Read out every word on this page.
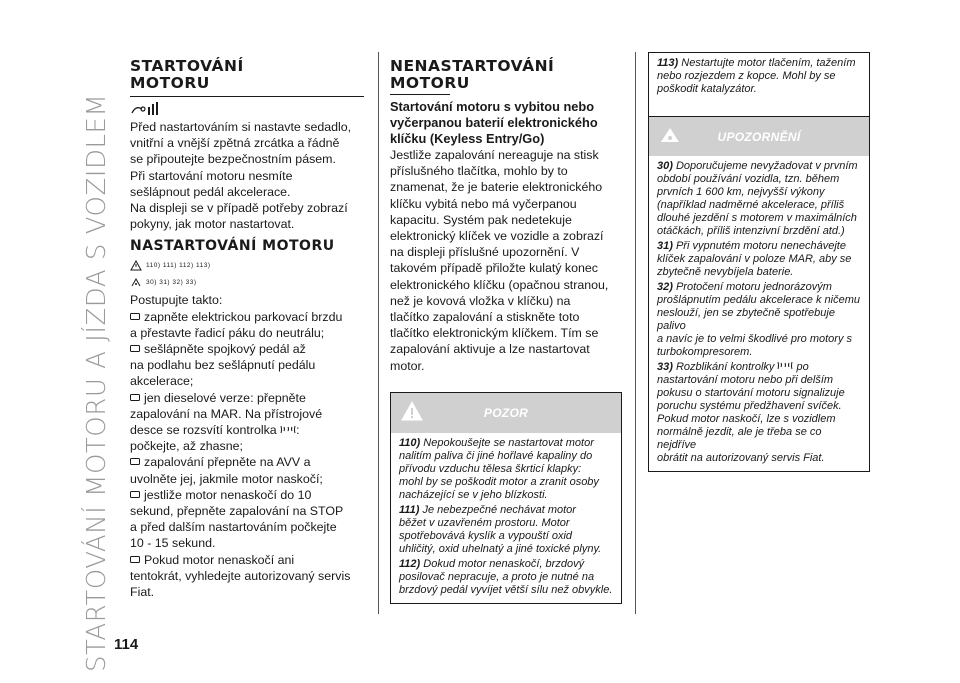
STARTOVÁNÍ MOTORU A JÍZDA S VOZIDLEM 114
STARTOVÁNÍ MOTORU
Před nastartováním si nastavte sedadlo,
vnitřní a vnější zpětná zrcátka a řádně
se připoutejte bezpečnostním pásem.
Při startování motoru nesmíte
sešlápnout pedál akcelerace.
Na displeji se v případě potřeby zobrazí
pokyny, jak motor nastartovat.
NASTARTOVÁNÍ MOTORU
110) 111) 112) 113)
30) 31) 32) 33)
Postupujte takto:
zapněte elektrickou parkovací brzdu
a přestavte řadicí páku do neutrálu;
sešlápněte spojkový pedál až
na podlahu bez sešlápnutí pedálu
akcelerace;
jen dieselové verze: přepněte
zapalování na MAR. Na přístrojové
desce se rozsvítí kontrolka :
počkejte, až zhasne;
zapalování přepněte na AVV a
uvolněte jej, jakmile motor naskočí;
jestliže motor nenaskočí do 10
sekund, přepněte zapalování na STOP
a před dalším nastartováním počkejte
10 - 15 sekund.
Pokud motor nenaskočí ani
tentokrát, vyhledejte autorizovaný servis
Fiat.
NENASTARTOVÁNÍ
MOTORU
Startování motoru s vybitou nebo
vyčerpanou baterií elektronického
klíčku (Keyless Entry/Go)
Jestliže zapalování nereaguje na stisk
příslušného tlačítka, mohlo by to
znamenat, že je baterie elektronického
klíčku vybitá nebo má vyčerpanou
kapacitu. Systém pak nedetekuje
elektronický klíček ve vozidle a zobrazí
na displeji příslušné upozornění. V
takovém případě přiložte kulatý konec
elektronického klíčku (opačnou stranou,
než je kovová vložka v klíčku) na
tlačítko zapalování a stiskněte toto
tlačítko elektronickým klíčkem. Tím se
zapalování aktivuje a lze nastartovat
motor.
POZOR
110) Nepokoušejte se nastartovat motor
nalitím paliva či jiné hořlavé kapaliny do
přívodu vzduchu tělesa škrticí klapky:
mohl by se poškodit motor a zranit osoby
nacházející se v jeho blízkosti.
111) Je nebezpečné nechávat motor
běžet v uzavřeném prostoru. Motor
spotřebovává kyslík a vypouští oxid
uhličitý, oxid uhelnatý a jiné toxické plyny.
112) Dokud motor nenaskočí, brzdový
posilovač nepracuje, a proto je nutné na
brzdový pedál vyvíjet větší sílu než obvykle.
113) Nestartujte motor tlačením, tažením
nebo rozjezdem z kopce. Mohl by se
poškodit katalyzátor.
UPOZORNĚNÍ
30) Doporučujeme nevyžadovat v prvním
období používání vozidla, tzn. během
prvních 1 600 km, nejvyšší výkony
(například nadměrné akcelerace, příliš
dlouhé jezdění s motorem v maximálních
otáčkách, příliš intenzivní brzdění atd.)
31) Při vypnutém motoru nenechávejte
klíček zapalování v poloze MAR, aby se
zbytečně nevybíjela baterie.
32) Protočení motoru jednorázovým
prošlápnutím pedálu akcelerace k ničemu
neslouží, jen se zbytečně spotřebuje palivo
a navíc je to velmi škodlivé pro motory s
turbokompresorem.
33) Rozblikání kontrolky po
nastartování motoru nebo při delším
pokusu o startování motoru signalizuje
poruchu systému předžhavení svíček.
Pokud motor naskočí, lze s vozidlem
normálně jezdit, ale je třeba se co nejdříve
obrátit na autorizovaný servis Fiat.
